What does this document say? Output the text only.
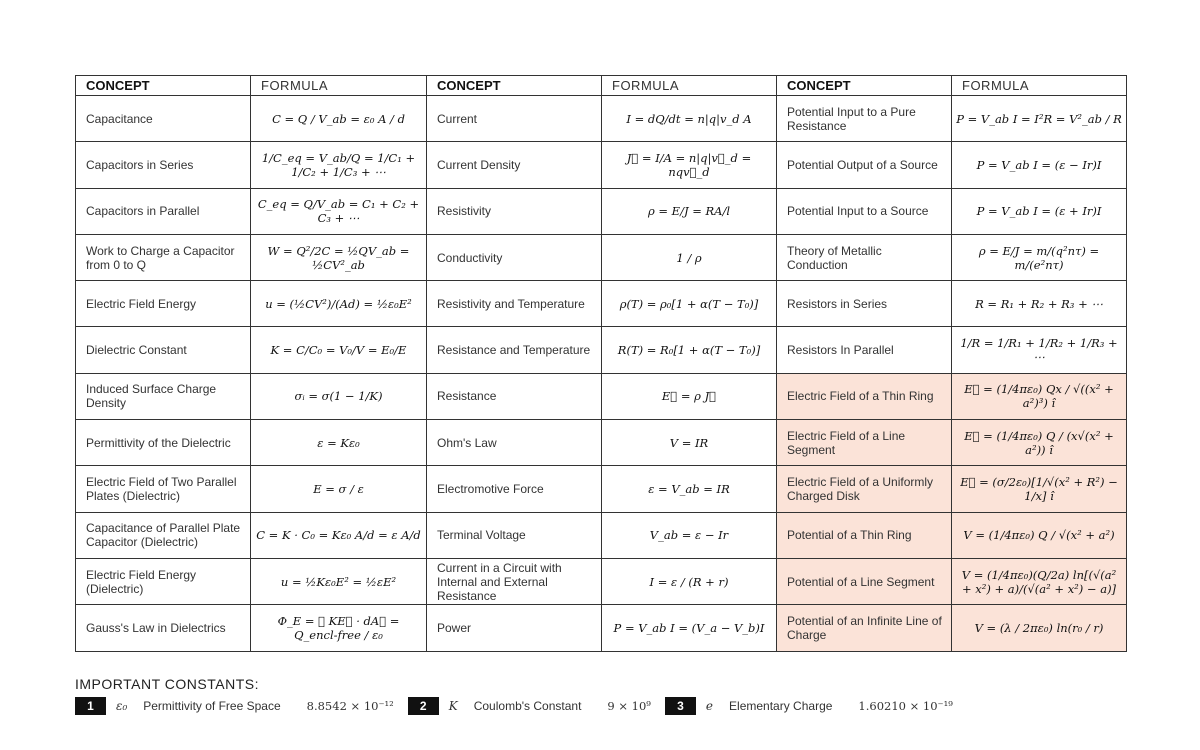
CONCEPT	FORMULA	CONCEPT	FORMULA	CONCEPT	FORMULA
Capacitance	C = Q / V_ab = ε₀ A / d	Current	I = dQ/dt = n|q|v_d A	Potential Input to a Pure Resistance	P = V_ab I = I²R = V²_ab / R
Capacitors in Series	1/C_eq = V_ab/Q = 1/C₁ + 1/C₂ + 1/C₃ + ⋯	Current Density	J⃗ = I/A = n|q|v⃗_d = nqv⃗_d	Potential Output of a Source	P = V_ab I = (ε − Ir)I
Capacitors in Parallel	C_eq = Q/V_ab = C₁ + C₂ + C₃ + ⋯	Resistivity	ρ = E/J = RA/l	Potential Input to a Source	P = V_ab I = (ε + Ir)I
Work to Charge a Capacitor from 0 to Q	W = Q²/2C = ½QV_ab = ½CV²_ab	Conductivity	1 / ρ	Theory of Metallic Conduction	ρ = E/J = m/(q²nτ) = m/(e²nτ)
Electric Field Energy	u = (½CV²)/(Ad) = ½ε₀E²	Resistivity and Temperature	ρ(T) = ρ₀[1 + α(T − T₀)]	Resistors in Series	R = R₁ + R₂ + R₃ + ⋯
Dielectric Constant	K = C/C₀ = V₀/V = E₀/E	Resistance and Temperature	R(T) = R₀[1 + α(T − T₀)]	Resistors In Parallel	1/R = 1/R₁ + 1/R₂ + 1/R₃ + ⋯
Induced Surface Charge Density	σᵢ = σ(1 − 1/K)	Resistance	E⃗ = ρ J⃗	Electric Field of a Thin Ring	E⃗ = (1/4πε₀) Qx / √((x² + a²)³) î
Permittivity of the Dielectric	ε = Kε₀	Ohm's Law	V = IR	Electric Field of a Line Segment	E⃗ = (1/4πε₀) Q / (x√(x² + a²)) î
Electric Field of Two Parallel Plates (Dielectric)	E = σ / ε	Electromotive Force	ε = V_ab = IR	Electric Field of a Uniformly Charged Disk	E⃗ = (σ/2ε₀)[1/√(x² + R²) − 1/x] î
Capacitance of Parallel Plate Capacitor (Dielectric)	C = K · C₀ = Kε₀ A/d = ε A/d	Terminal Voltage	V_ab = ε − Ir	Potential of a Thin Ring	V = (1/4πε₀) Q / √(x² + a²)
Electric Field Energy (Dielectric)	u = ½Kε₀E² = ½εE²	Current in a Circuit with Internal and External Resistance	I = ε / (R + r)	Potential of a Line Segment	V = (1/4πε₀)(Q/2a) ln[(√(a² + x²) + a)/(√(a² + x²) − a)]
Gauss's Law in Dielectrics	Φ_E = ∮ KE⃗ · dA⃗ = Q_encl-free / ε₀	Power	P = V_ab I = (V_a − V_b)I	Potential of an Infinite Line of Charge	V = (λ / 2πε₀) ln(r₀ / r)
IMPORTANT CONSTANTS:
1	ε₀ Permittivity of Free Space 8.8542 × 10⁻¹²	2	K Coulomb's Constant 9 × 10⁹	3	e Elementary Charge 1.60210 × 10⁻¹⁹
